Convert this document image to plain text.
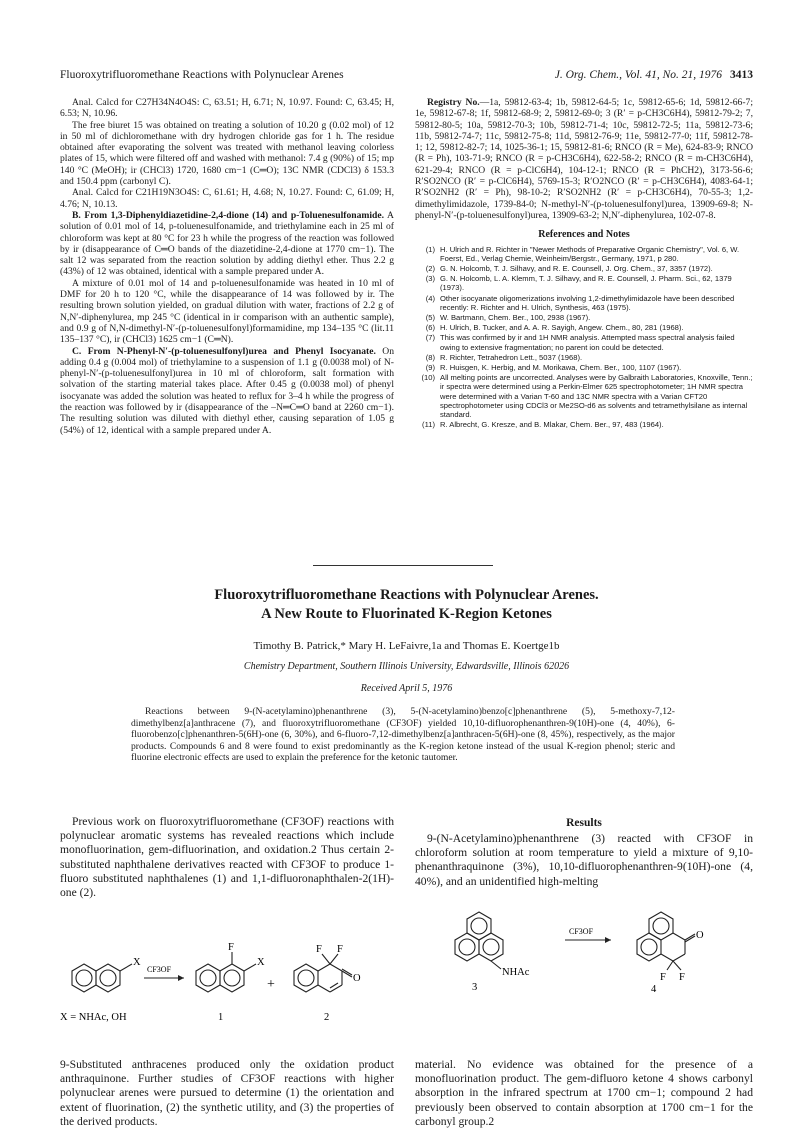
Fluoroxytrifluoromethane Reactions with Polynuclear Arenes	J. Org. Chem., Vol. 41, No. 21, 1976 3413

Anal. Calcd for C27H34N4O4S: C, 63.51; H, 6.71; N, 10.97. Found: C, 63.45; H, 6.53; N, 10.96.

The free biuret 15 was obtained on treating a solution of 10.20 g (0.02 mol) of 12 in 50 ml of dichloromethane with dry hydrogen chloride gas for 1 h. The residue obtained after evaporating the solvent was treated with methanol leaving colorless plates of 15, which were filtered off and washed with methanol: 7.4 g (90%) of 15; mp 140 °C (MeOH); ir (CHCl3) 1720, 1680 cm−1 (C═O); 13C NMR (CDCl3) δ 153.3 and 150.4 ppm (carbonyl C).

Anal. Calcd for C21H19N3O4S: C, 61.61; H, 4.68; N, 10.27. Found: C, 61.09; H, 4.76; N, 10.13.

B. From 1,3-Diphenyldiazetidine-2,4-dione (14) and p-Toluenesulfonamide. A solution of 0.01 mol of 14, p-toluenesulfonamide, and triethylamine each in 25 ml of chloroform was kept at 80 °C for 23 h while the progress of the reaction was followed by ir (disappearance of C═O bands of the diazetidine-2,4-dione at 1770 cm−1). The salt 12 was separated from the reaction solution by adding diethyl ether. Thus 2.2 g (43%) of 12 was obtained, identical with a sample prepared under A.

A mixture of 0.01 mol of 14 and p-toluenesulfonamide was heated in 10 ml of DMF for 20 h to 120 °C, while the disappearance of 14 was followed by ir. The resulting brown solution yielded, on gradual dilution with water, fractions of 2.2 g of N,N′-diphenylurea, mp 245 °C (identical in ir comparison with an authentic sample), and 0.9 g of N,N-dimethyl-N′-(p-toluenesulfonyl)formamidine, mp 134–135 °C (lit.11 135–137 °C), ir (CHCl3) 1625 cm−1 (C═N).

C. From N-Phenyl-N′-(p-toluenesulfonyl)urea and Phenyl Isocyanate. On adding 0.4 g (0.004 mol) of triethylamine to a suspension of 1.1 g (0.0038 mol) of N-phenyl-N′-(p-toluenesulfonyl)urea in 10 ml of chloroform, salt formation with solvation of the starting material takes place. After 0.45 g (0.0038 mol) of phenyl isocyanate was added the solution was heated to reflux for 3–4 h while the progress of the reaction was followed by ir (disappearance of the –N═C═O band at 2260 cm−1). The resulting solution was diluted with diethyl ether, causing separation of 1.05 g (54%) of 12, identical with a sample prepared under A.

Registry No.—1a, 59812-63-4; 1b, 59812-64-5; 1c, 59812-65-6; 1d, 59812-66-7; 1e, 59812-67-8; 1f, 59812-68-9; 2, 59812-69-0; 3 (R′ = p-CH3C6H4), 59812-79-2; 7, 59812-80-5; 10a, 59812-70-3; 10b, 59812-71-4; 10c, 59812-72-5; 11a, 59812-73-6; 11b, 59812-74-7; 11c, 59812-75-8; 11d, 59812-76-9; 11e, 59812-77-0; 11f, 59812-78-1; 12, 59812-82-7; 14, 1025-36-1; 15, 59812-81-6; RNCO (R = Me), 624-83-9; RNCO (R = Ph), 103-71-9; RNCO (R = p-CH3C6H4), 622-58-2; RNCO (R = m-CH3C6H4), 621-29-4; RNCO (R = p-ClC6H4), 104-12-1; RNCO (R = PhCH2), 3173-56-6; R′SO2NCO (R′ = p-ClC6H4), 5769-15-3; R′O2NCO (R′ = p-CH3C6H4), 4083-64-1; R′SO2NH2 (R′ = Ph), 98-10-2; R′SO2NH2 (R′ = p-CH3C6H4), 70-55-3; 1,2-dimethylimidazole, 1739-84-0; N-methyl-N′-(p-toluenesulfonyl)urea, 13909-69-8; N-phenyl-N′-(p-toluenesulfonyl)urea, 13909-63-2; N,N′-diphenylurea, 102-07-8.

References and Notes
(1) H. Ulrich and R. Richter in "Newer Methods of Preparative Organic Chemistry", Vol. 6, W. Foerst, Ed., Verlag Chemie, Weinheim/Bergstr., Germany, 1971, p 280.
(2) G. N. Holcomb, T. J. Silhavy, and R. E. Counsell, J. Org. Chem., 37, 3357 (1972).
(3) G. N. Holcomb, L. A. Klemm, T. J. Silhavy, and R. E. Counsell, J. Pharm. Sci., 62, 1379 (1973).
(4) Other isocyanate oligomerizations involving 1,2-dimethylimidazole have been described recently: R. Richter and H. Ulrich, Synthesis, 463 (1975).
(5) W. Bartmann, Chem. Ber., 100, 2938 (1967).
(6) H. Ulrich, B. Tucker, and A. A. R. Sayigh, Angew. Chem., 80, 281 (1968).
(7) This was confirmed by ir and 1H NMR analysis. Attempted mass spectral analysis failed owing to extensive fragmentation; no parent ion could be detected.
(8) R. Richter, Tetrahedron Lett., 5037 (1968).
(9) R. Huisgen, K. Herbig, and M. Morikawa, Chem. Ber., 100, 1107 (1967).
(10) All melting points are uncorrected. Analyses were by Galbraith Laboratories, Knoxville, Tenn.; ir spectra were determined using a Perkin-Elmer 625 spectrophotometer; 1H NMR spectra were determined with a Varian T-60 and 13C NMR spectra with a Varian CFT20 spectrophotometer using CDCl3 or Me2SO-d6 as solvents and tetramethylsilane as internal standard.
(11) R. Albrecht, G. Kresze, and B. Mlakar, Chem. Ber., 97, 483 (1964).
Fluoroxytrifluoromethane Reactions with Polynuclear Arenes.
A New Route to Fluorinated K-Region Ketones
Timothy B. Patrick,* Mary H. LeFaivre,1a and Thomas E. Koertge1b
Chemistry Department, Southern Illinois University, Edwardsville, Illinois 62026
Received April 5, 1976

Reactions between 9-(N-acetylamino)phenanthrene (3), 5-(N-acetylamino)benzo[c]phenanthrene (5), 5-methoxy-7,12-dimethylbenz[a]anthracene (7), and fluoroxytrifluoromethane (CF3OF) yielded 10,10-difluorophenanthren-9(10H)-one (4, 40%), 6-fluorobenzo[c]phenanthren-5(6H)-one (6, 30%), and 6-fluoro-7,12-dimethylbenz[a]anthracen-5(6H)-one (8, 45%), respectively, as the major products. Compounds 6 and 8 were found to exist predominantly as the K-region ketone instead of the usual K-region phenol; steric and fluorine electronic effects are used to explain the preference for the ketonic tautomer.

Previous work on fluoroxytrifluoromethane (CF3OF) reactions with polynuclear aromatic systems has revealed reactions which include monofluorination, gem-difluorination, and oxidation.2 Thus certain 2-substituted naphthalene derivatives reacted with CF3OF to produce 1-fluoro substituted naphthalenes (1) and 1,1-difluoronaphthalen-2(1H)-one (2).

Results

9-(N-Acetylamino)phenanthrene (3) reacted with CF3OF in chloroform solution at room temperature to yield a mixture of 9,10-phenanthraquinone (3%), 10,10-difluorophenanthren-9(10H)-one (4, 40%), and an unidentified high-melting

X
CF3OF
F
X
+
F F
O
X = NHAc, OH	1	2
NHAc
CF3OF	O
F F
3	4

9-Substituted anthracenes produced only the oxidation product anthraquinone. Further studies of CF3OF reactions with higher polynuclear arenes were pursued to determine (1) the orientation and extent of fluorination, (2) the synthetic utility, and (3) the properties of the derived products.

material. No evidence was obtained for the presence of a monofluorination product. The gem-difluoro ketone 4 shows carbonyl absorption in the infrared spectrum at 1700 cm−1; compound 2 had previously been observed to contain absorption at 1700 cm−1 for the carbonyl group.2
